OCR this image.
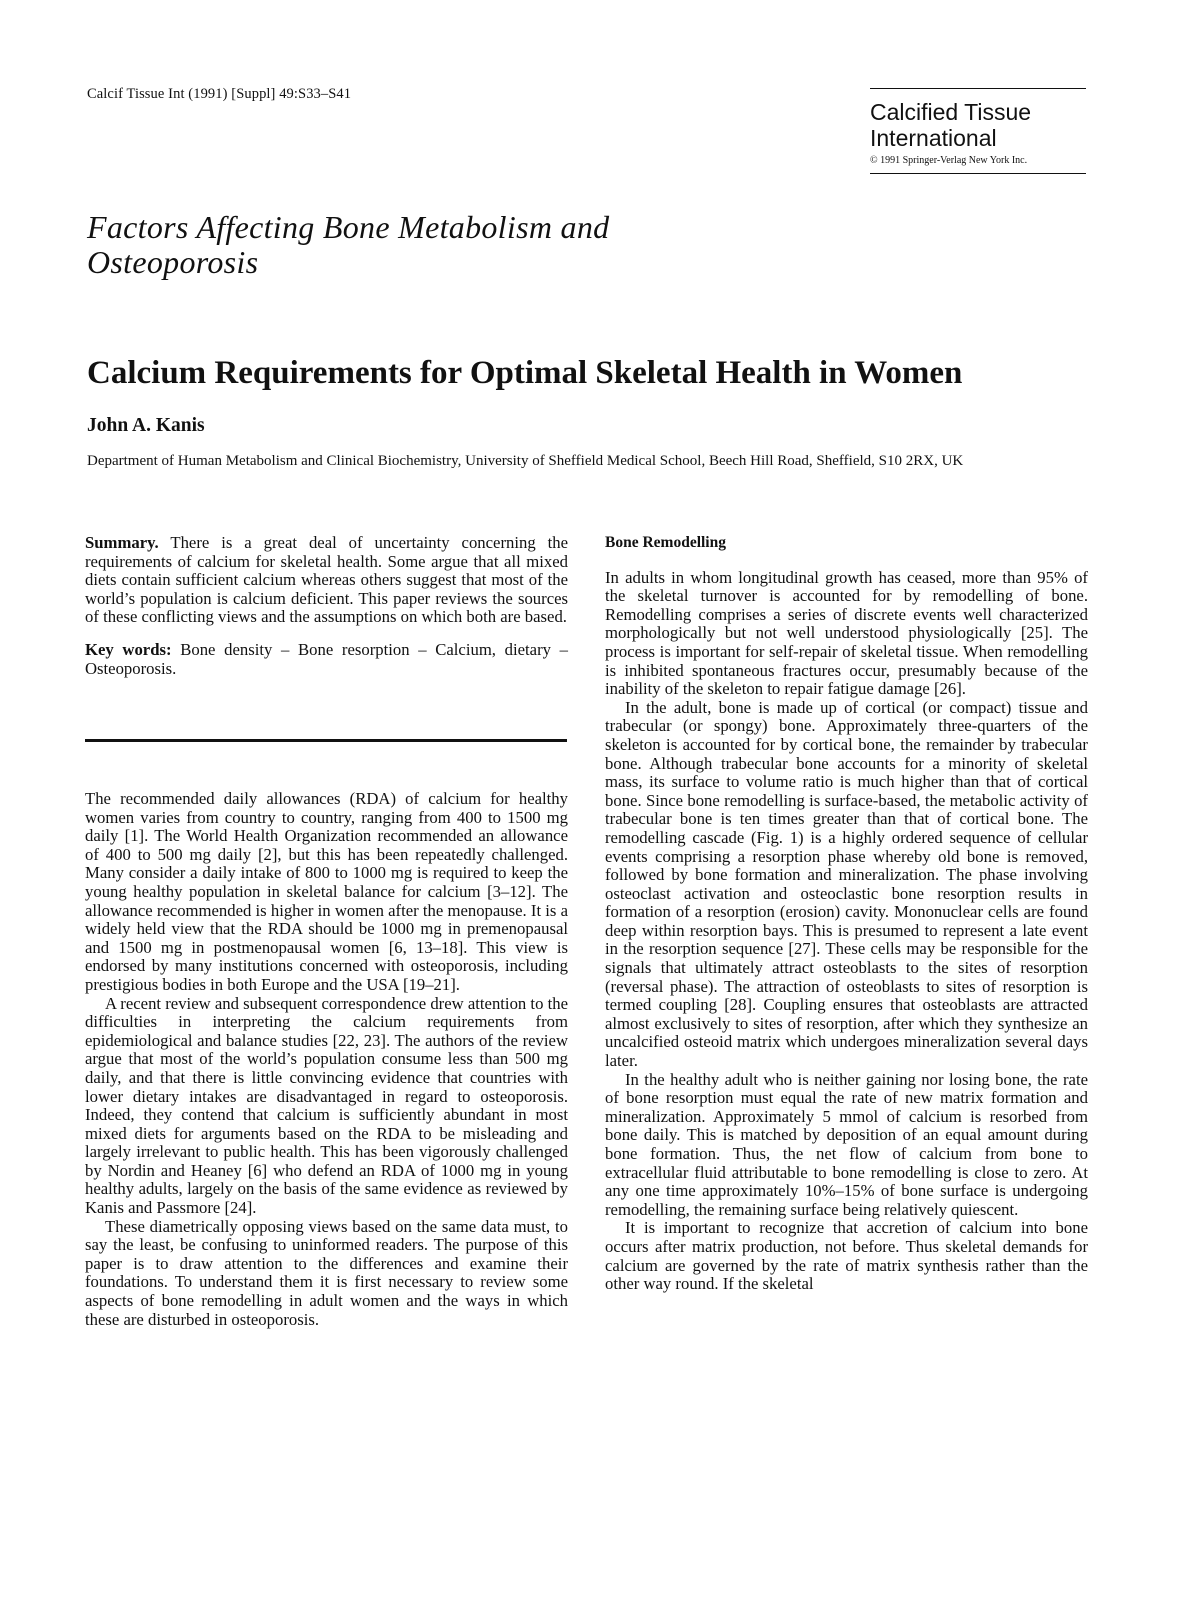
Calcif Tissue Int (1991) [Suppl] 49:S33–S41
Calcified Tissue International
© 1991 Springer-Verlag New York Inc.
Factors Affecting Bone Metabolism and Osteoporosis
Calcium Requirements for Optimal Skeletal Health in Women
John A. Kanis
Department of Human Metabolism and Clinical Biochemistry, University of Sheffield Medical School, Beech Hill Road, Sheffield, S10 2RX, UK

Summary. There is a great deal of uncertainty concerning the requirements of calcium for skeletal health. Some argue that all mixed diets contain sufficient calcium whereas others suggest that most of the world’s population is calcium deficient. This paper reviews the sources of these conflicting views and the assumptions on which both are based.

Key words: Bone density – Bone resorption – Calcium, dietary – Osteoporosis.

The recommended daily allowances (RDA) of calcium for healthy women varies from country to country, ranging from 400 to 1500 mg daily [1]. The World Health Organization recommended an allowance of 400 to 500 mg daily [2], but this has been repeatedly challenged. Many consider a daily intake of 800 to 1000 mg is required to keep the young healthy population in skeletal balance for calcium [3–12]. The allowance recommended is higher in women after the menopause. It is a widely held view that the RDA should be 1000 mg in premenopausal and 1500 mg in postmenopausal women [6, 13–18]. This view is endorsed by many institutions concerned with osteoporosis, including prestigious bodies in both Europe and the USA [19–21].

A recent review and subsequent correspondence drew attention to the difficulties in interpreting the calcium requirements from epidemiological and balance studies [22, 23]. The authors of the review argue that most of the world’s population consume less than 500 mg daily, and that there is little convincing evidence that countries with lower dietary intakes are disadvantaged in regard to osteoporosis. Indeed, they contend that calcium is sufficiently abundant in most mixed diets for arguments based on the RDA to be misleading and largely irrelevant to public health. This has been vigorously challenged by Nordin and Heaney [6] who defend an RDA of 1000 mg in young healthy adults, largely on the basis of the same evidence as reviewed by Kanis and Passmore [24].

These diametrically opposing views based on the same data must, to say the least, be confusing to uninformed readers. The purpose of this paper is to draw attention to the differences and examine their foundations. To understand them it is first necessary to review some aspects of bone remodelling in adult women and the ways in which these are disturbed in osteoporosis.

Bone Remodelling

In adults in whom longitudinal growth has ceased, more than 95% of the skeletal turnover is accounted for by remodelling of bone. Remodelling comprises a series of discrete events well characterized morphologically but not well understood physiologically [25]. The process is important for self-repair of skeletal tissue. When remodelling is inhibited spontaneous fractures occur, presumably because of the inability of the skeleton to repair fatigue damage [26].

In the adult, bone is made up of cortical (or compact) tissue and trabecular (or spongy) bone. Approximately three-quarters of the skeleton is accounted for by cortical bone, the remainder by trabecular bone. Although trabecular bone accounts for a minority of skeletal mass, its surface to volume ratio is much higher than that of cortical bone. Since bone remodelling is surface-based, the metabolic activity of trabecular bone is ten times greater than that of cortical bone. The remodelling cascade (Fig. 1) is a highly ordered sequence of cellular events comprising a resorption phase whereby old bone is removed, followed by bone formation and mineralization. The phase involving osteoclast activation and osteoclastic bone resorption results in formation of a resorption (erosion) cavity. Mononuclear cells are found deep within resorption bays. This is presumed to represent a late event in the resorption sequence [27]. These cells may be responsible for the signals that ultimately attract osteoblasts to the sites of resorption (reversal phase). The attraction of osteoblasts to sites of resorption is termed coupling [28]. Coupling ensures that osteoblasts are attracted almost exclusively to sites of resorption, after which they synthesize an uncalcified osteoid matrix which undergoes mineralization several days later.

In the healthy adult who is neither gaining nor losing bone, the rate of bone resorption must equal the rate of new matrix formation and mineralization. Approximately 5 mmol of calcium is resorbed from bone daily. This is matched by deposition of an equal amount during bone formation. Thus, the net flow of calcium from bone to extracellular fluid attributable to bone remodelling is close to zero. At any one time approximately 10%–15% of bone surface is undergoing remodelling, the remaining surface being relatively quiescent.

It is important to recognize that accretion of calcium into bone occurs after matrix production, not before. Thus skeletal demands for calcium are governed by the rate of matrix synthesis rather than the other way round. If the skeletal
